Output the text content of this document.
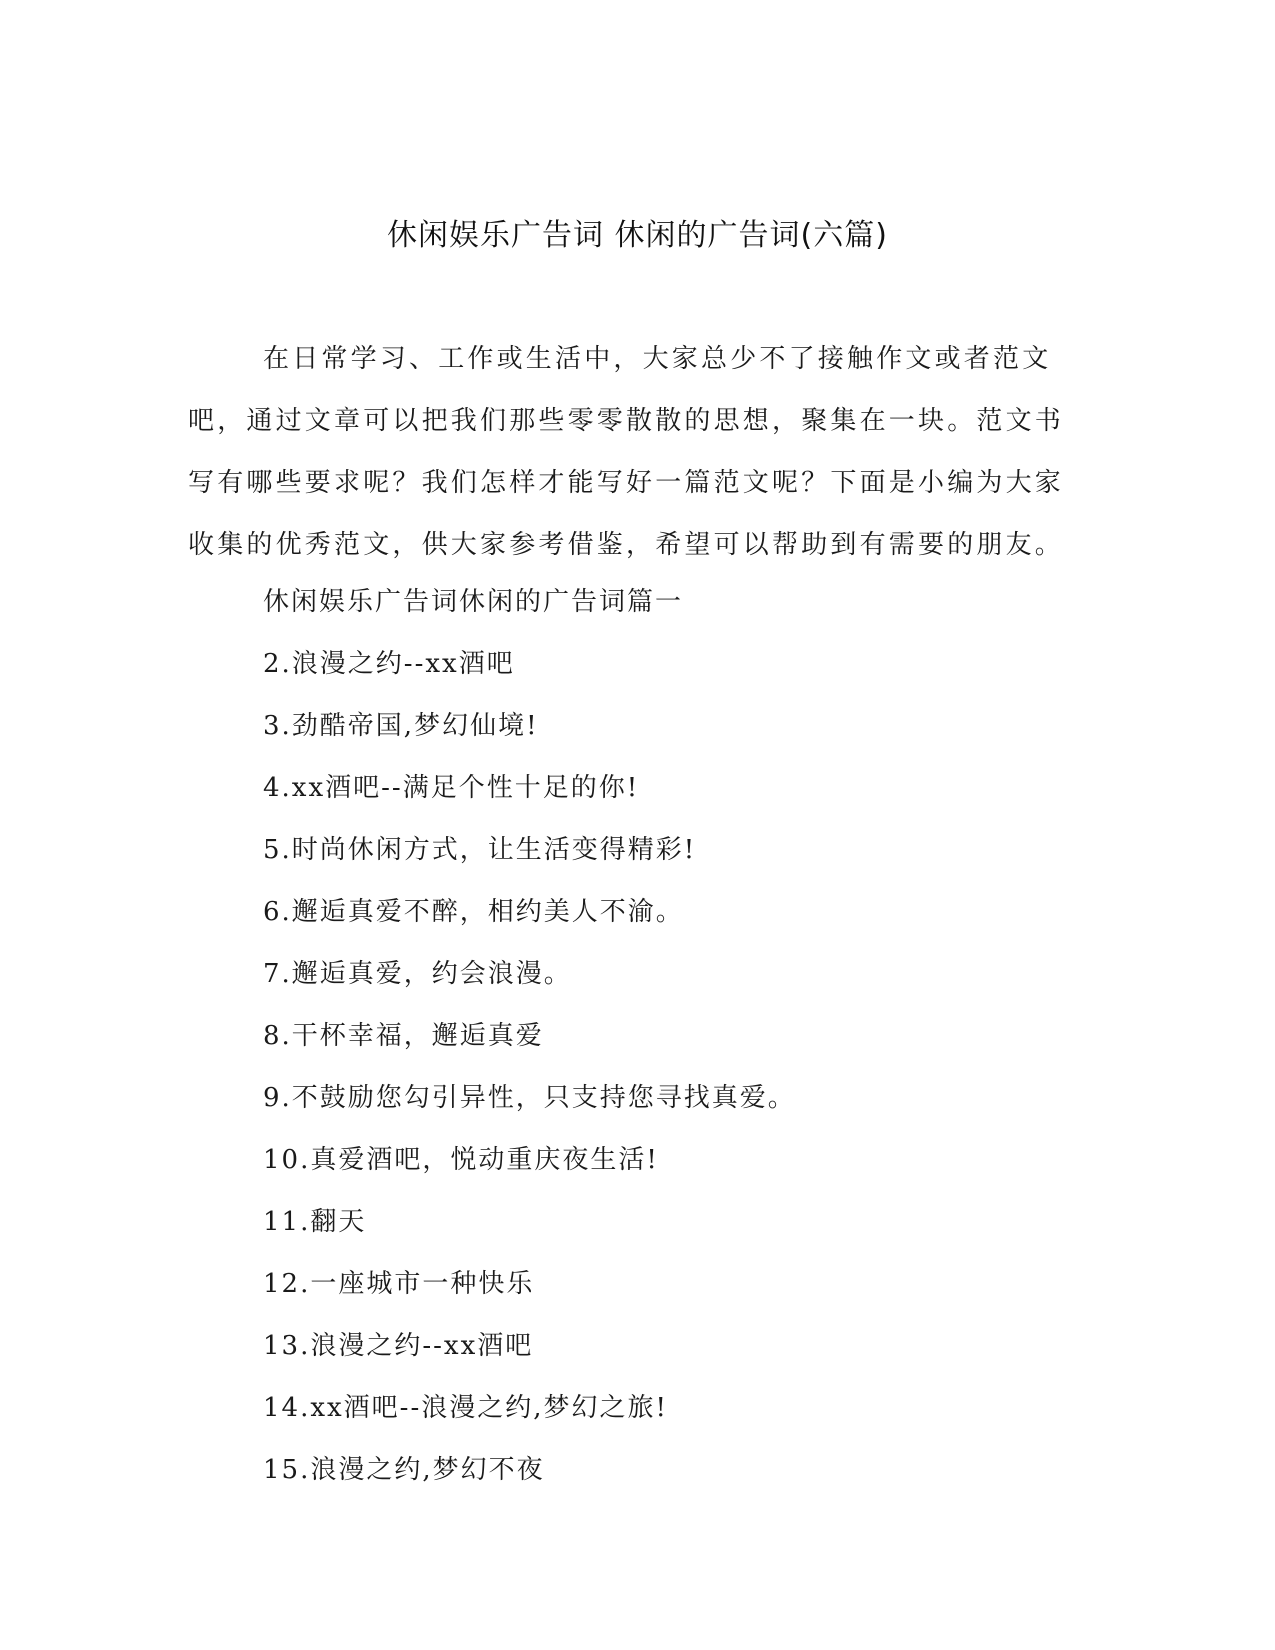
休闲娱乐广告词 休闲的广告词(六篇)

在日常学习、工作或生活中，大家总少不了接触作文或者范文吧，通过文章可以把我们那些零零散散的思想，聚集在一块。范文书写有哪些要求呢？我们怎样才能写好一篇范文呢？下面是小编为大家收集的优秀范文，供大家参考借鉴，希望可以帮助到有需要的朋友。

休闲娱乐广告词休闲的广告词篇一
2.浪漫之约--xx酒吧
3.劲酷帝国,梦幻仙境!
4.xx酒吧--满足个性十足的你!
5.时尚休闲方式，让生活变得精彩!
6.邂逅真爱不醉，相约美人不渝。
7.邂逅真爱，约会浪漫。
8.干杯幸福，邂逅真爱
9.不鼓励您勾引异性，只支持您寻找真爱。
10.真爱酒吧，悦动重庆夜生活!
11.翻天
12.一座城市一种快乐
13.浪漫之约--xx酒吧
14.xx酒吧--浪漫之约,梦幻之旅!
15.浪漫之约,梦幻不夜
